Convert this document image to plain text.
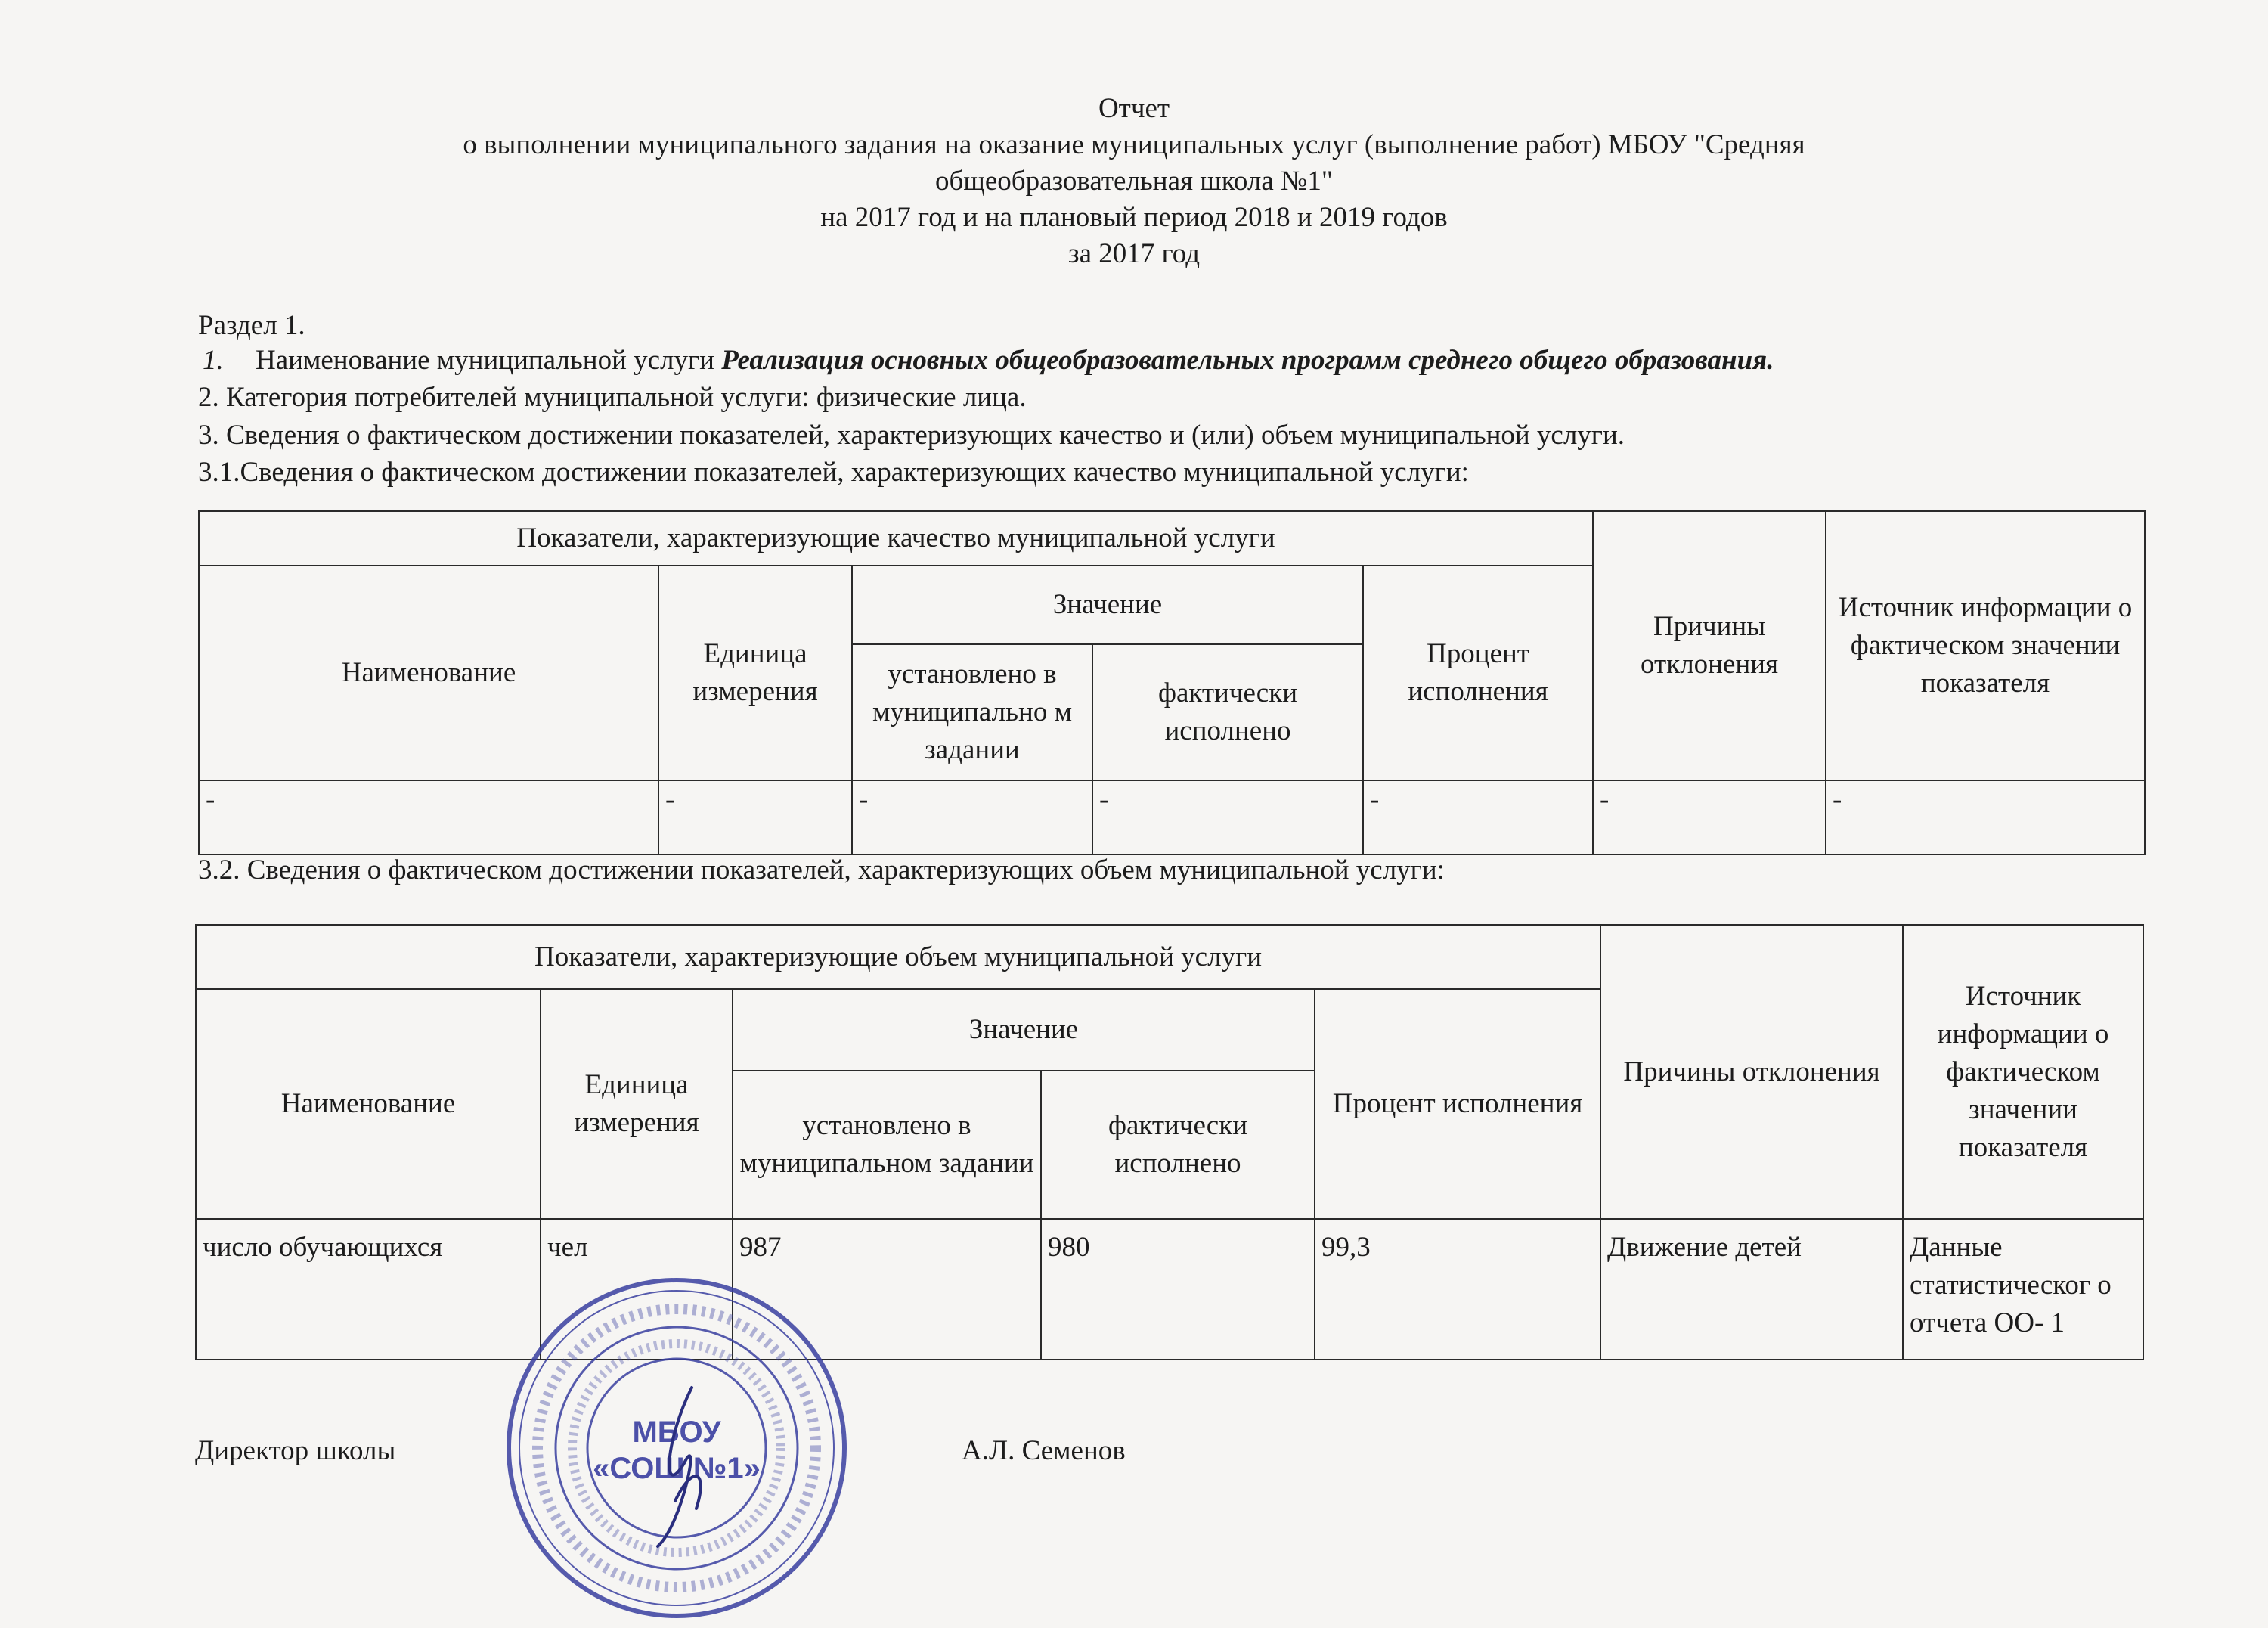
Отчет
о выполнении муниципального задания на оказание муниципальных услуг (выполнение работ) МБОУ "Средняя
общеобразовательная школа №1"
на 2017 год и на плановый период 2018 и 2019 годов
за 2017 год
Раздел 1.
1. Наименование муниципальной услуги Реализация основных общеобразовательных программ среднего общего образования.
2. Категория потребителей муниципальной услуги: физические лица.
3. Сведения о фактическом достижении показателей, характеризующих качество и (или) объем муниципальной услуги.
3.1.Сведения о фактическом достижении показателей, характеризующих качество муниципальной услуги:
Показатели, характеризующие качество муниципальной услуги					Причины отклонения	Источник информации о фактическом значении показателя
Наименование	Единица измерения	Значение		Процент исполнения		
		установлено в муниципально м задании	фактически исполнено			
-	-	-	-	-	-	-
3.2. Сведения о фактическом достижении показателей, характеризующих объем муниципальной услуги:
Показатели, характеризующие объем муниципальной услуги					Причины отклонения	Источник информации о фактическом значении показателя
Наименование	Единица измерения	Значение		Процент исполнения		
		установлено в муниципальном задании	фактически исполнено			
число обучающихся	чел	987	980	99,3	Движение детей	Данные статистическог о отчета ОО- 1
Директор школы	А.Л. Семенов
МБОУ
«СОШ №1»
